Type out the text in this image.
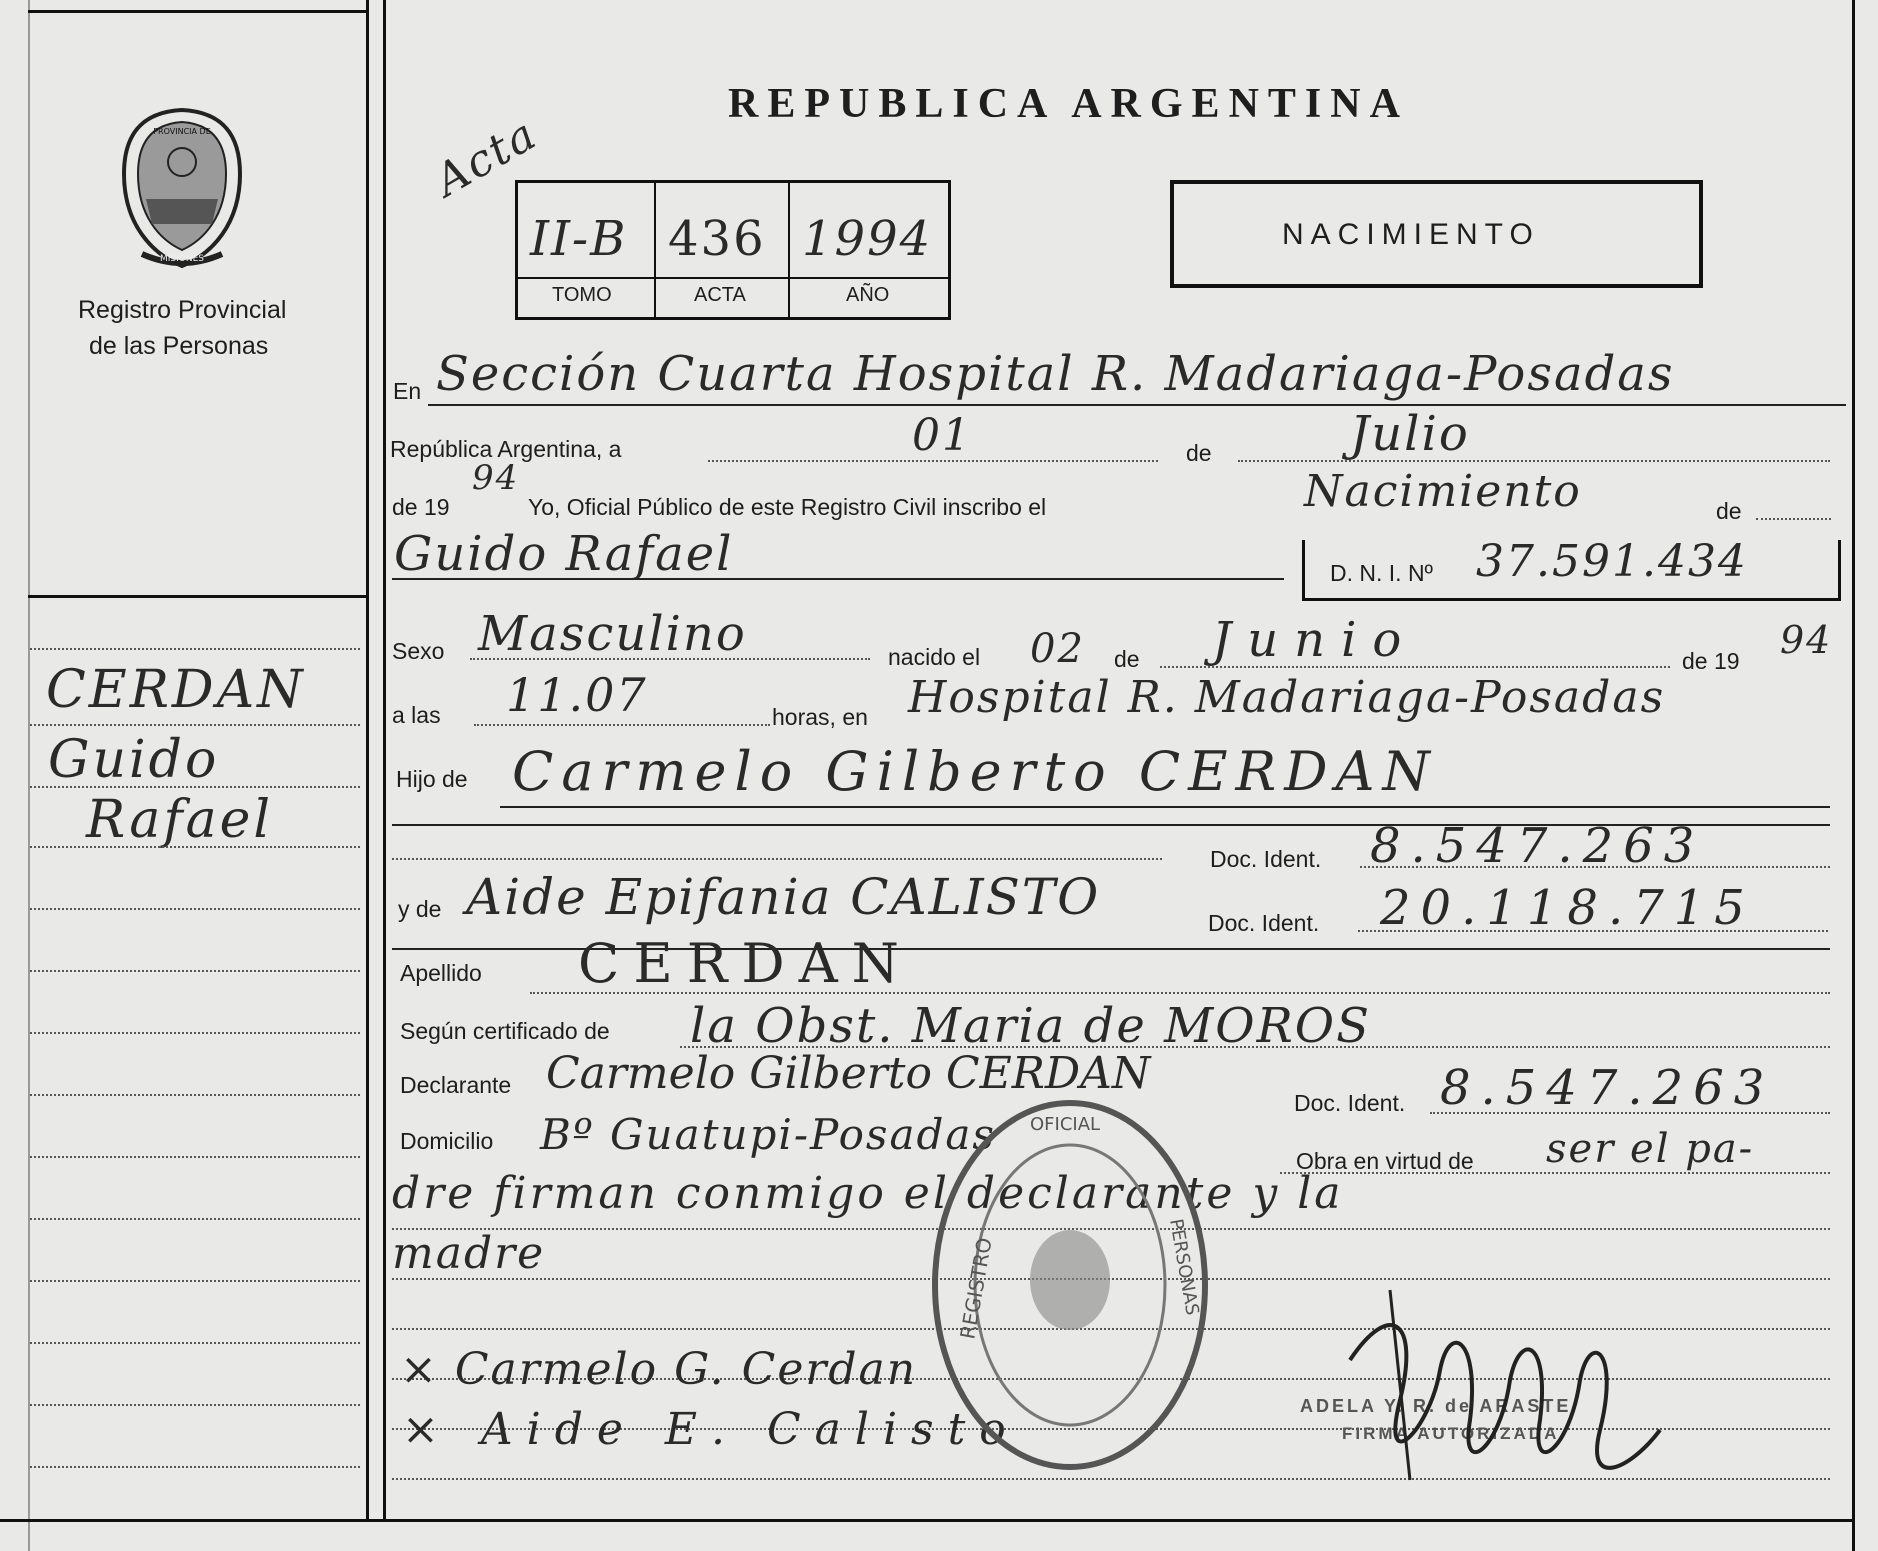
MISIONES
PROVINCIA DE
Registro Provincial
de las Personas
REPUBLICA ARGENTINA
Acta
II-B 436 1994
TOMO	ACTA	AÑO
NACIMIENTO
En Sección Cuarta Hospital R. Madariaga-Posadas
República Argentina, a	01	de	Julio
de 19
94
Yo, Oficial Público de este Registro Civil inscribo el	Nacimiento	de
Guido Rafael	D. N. I. Nº 37.591.434
Sexo Masculino	nacido el 02 de Junio	de 19 94
a las 11.07	horas, en Hospital R. Madariaga-Posadas
Hijo de Carmelo Gilberto CERDAN
Doc. Ident. 8.547.263
y de Aide Epifania CALISTO	Doc. Ident. 20.118.715
Apellido CERDAN
Según certificado de la Obst. Maria de MOROS
Declarante Carmelo Gilberto CERDAN
Doc. Ident. 8.547.263
Domicilio Bº Guatupi-Posadas
Obra en virtud de ser el pa-
dre firman conmigo el declarante y la
madre
× Carmelo G. Cerdan
× Aide E. Calisto
REGISTRO	PERSONAS
OFICIAL
ADELA Y. R. de ARASTE
FIRMA AUTORIZADA
CERDAN
Guido
Rafael
